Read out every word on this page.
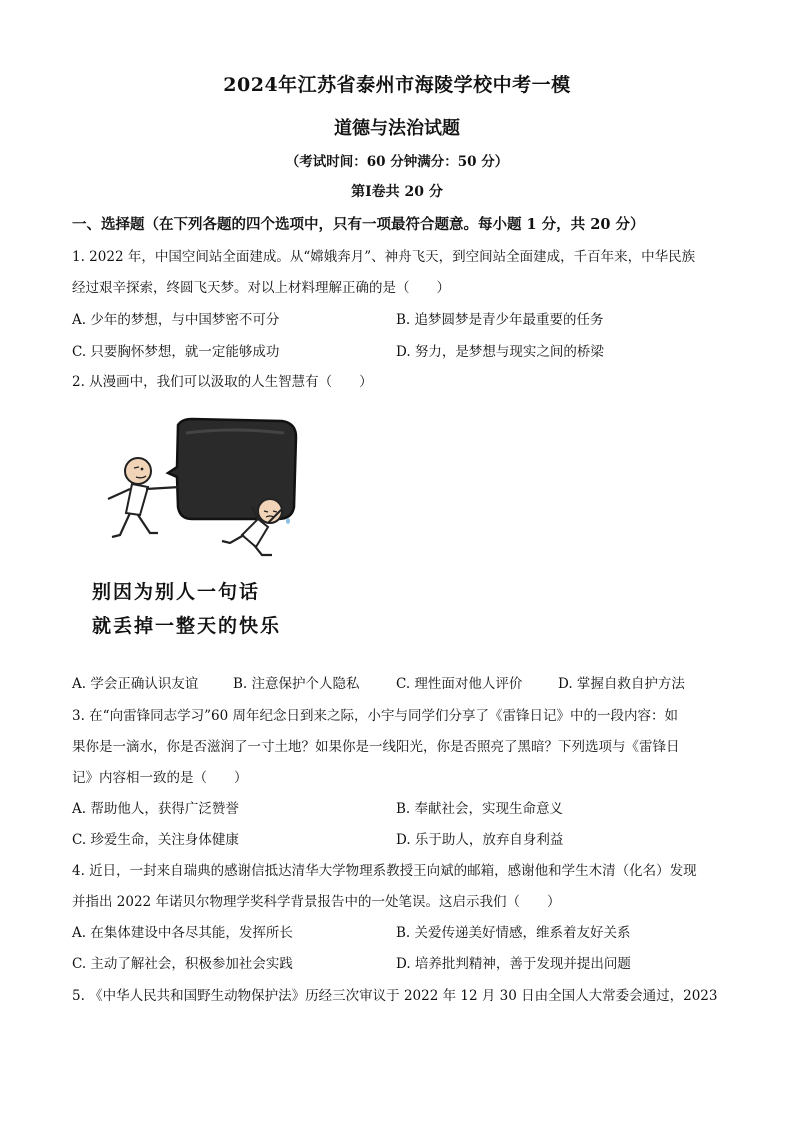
2024年江苏省泰州市海陵学校中考一模
道德与法治试题
（考试时间：60 分钟满分：50 分）
第Ⅰ卷共 20 分
一、选择题（在下列各题的四个选项中，只有一项最符合题意。每小题 1 分，共 20 分）
1. 2022 年，中国空间站全面建成。从“嫦娥奔月”、神舟飞天，到空间站全面建成，千百年来，中华民族
经过艰辛探索，终圆飞天梦。对以上材料理解正确的是（　　）
A. 少年的梦想，与中国梦密不可分	B. 追梦圆梦是青少年最重要的任务
C. 只要胸怀梦想，就一定能够成功	D. 努力，是梦想与现实之间的桥梁
2. 从漫画中，我们可以汲取的人生智慧有（　　）
别因为别人一句话
就丢掉一整天的快乐
A. 学会正确认识友谊	B. 注意保护个人隐私	C. 理性面对他人评价	D. 掌握自救自护方法
3. 在“向雷锋同志学习”60 周年纪念日到来之际，小宇与同学们分享了《雷锋日记》中的一段内容：如
果你是一滴水，你是否滋润了一寸土地？如果你是一线阳光，你是否照亮了黑暗？下列选项与《雷锋日
记》内容相一致的是（　　）
A. 帮助他人，获得广泛赞誉	B. 奉献社会，实现生命意义
C. 珍爱生命，关注身体健康	D. 乐于助人，放弃自身利益
4. 近日，一封来自瑞典的感谢信抵达清华大学物理系教授王向斌的邮箱，感谢他和学生木清（化名）发现
并指出 2022 年诺贝尔物理学奖科学背景报告中的一处笔误。这启示我们（　　）
A. 在集体建设中各尽其能，发挥所长	B. 关爱传递美好情感，维系着友好关系
C. 主动了解社会，积极参加社会实践	D. 培养批判精神，善于发现并提出问题
5. 《中华人民共和国野生动物保护法》历经三次审议于 2022 年 12 月 30 日由全国人大常委会通过，2023
